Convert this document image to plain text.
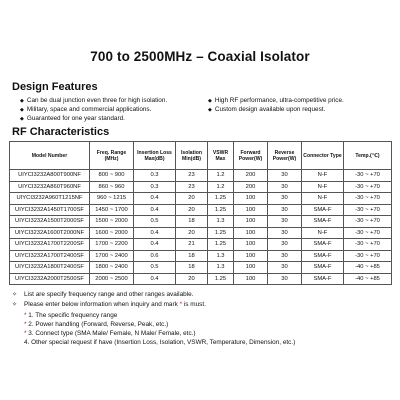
700 to 2500MHz – Coaxial Isolator
Design Features
◆ Can be dual junction even three for high isolation.
◆ Military, space and commercial applications.
◆ Guaranteed for one year standard.
◆ High RF performance, ultra-competitive price.
◆ Custom design available upon request.
RF Characteristics
Model Number	Freq. Range (MHz)	Insertion Loss Max(dB)	Isolation Min(dB)	VSWR Max	Forward Power(W)	Reverse Power(W)	Connector Type	Temp.(℃)
UIYCI3232A800T900NF	800 ~ 900	0.3	23	1.2	200	30	N-F	-30 ~ +70
UIYCI3232A860T960NF	860 ~ 960	0.3	23	1.2	200	30	N-F	-30 ~ +70
UIYCI3232A960T1215NF	960 ~ 1215	0.4	20	1.25	100	30	N-F	-30 ~ +70
UIYCI3232A1450T1700SF	1450 ~ 1700	0.4	20	1.25	100	30	SMA-F	-30 ~ +70
UIYCI3232A1500T2000SF	1500 ~ 2000	0.5	18	1.3	100	30	SMA-F	-30 ~ +70
UIYCI3232A1600T2000NF	1600 ~ 2000	0.4	20	1.25	100	30	N-F	-30 ~ +70
UIYCI3232A1700T2200SF	1700 ~ 2200	0.4	21	1.25	100	30	SMA-F	-30 ~ +70
UIYCI3232A1700T2400SF	1700 ~ 2400	0.6	18	1.3	100	30	SMA-F	-30 ~ +70
UIYCI3232A1800T2400SF	1800 ~ 2400	0.5	18	1.3	100	30	SMA-F	-40 ~ +85
UIYCI3232A2000T2500SF	2000 ~ 2500	0.4	20	1.25	100	30	SMA-F	-40 ~ +85
✧ List are specify frequency range and other ranges available.
✧ Please enter below information when inquiry and mark * is must.
* 1. The specific frequency range
* 2. Power handling (Forward, Reverse, Peak, etc.)
* 3. Connect type (SMA Male/ Female, N Male/ Female, etc.)
4. Other special request if have (Insertion Loss, Isolation, VSWR, Temperature, Dimension, etc.)
